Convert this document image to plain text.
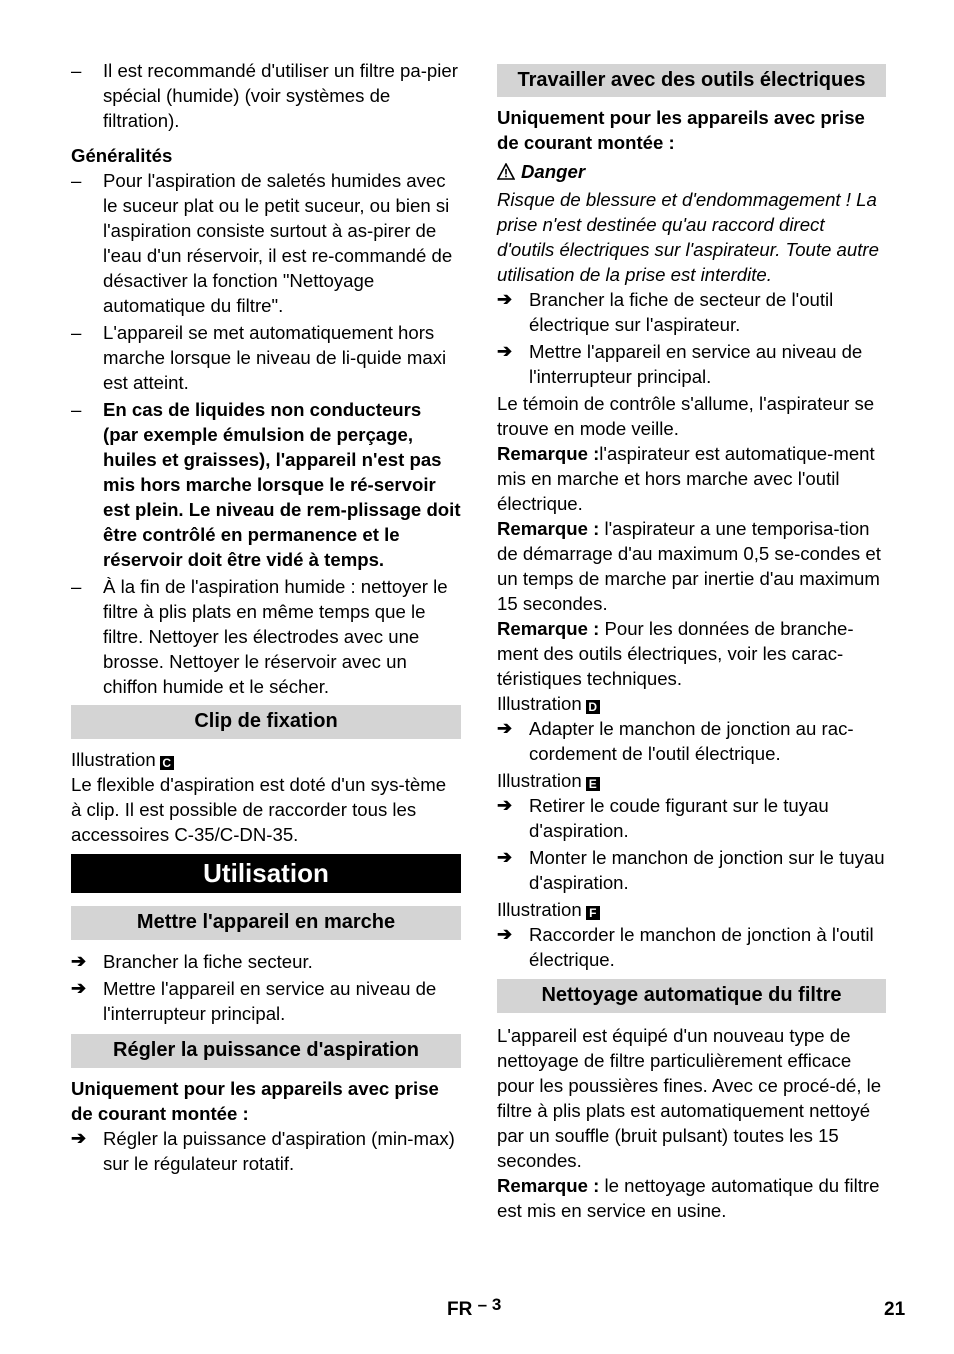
– Il est recommandé d'utiliser un filtre pa-pier spécial (humide) (voir systèmes de filtration).

Généralités

– Pour l'aspiration de saletés humides avec le suceur plat ou le petit suceur, ou bien si l'aspiration consiste surtout à as-pirer de l'eau d'un réservoir, il est re-commandé de désactiver la fonction "Nettoyage automatique du filtre".
– L'appareil se met automatiquement hors marche lorsque le niveau de li-quide maxi est atteint.
– En cas de liquides non conducteurs (par exemple émulsion de perçage, huiles et graisses), l'appareil n'est pas mis hors marche lorsque le ré-servoir est plein. Le niveau de rem-plissage doit être contrôlé en permanence et le réservoir doit être vidé à temps.
– À la fin de l'aspiration humide : nettoyer le filtre à plis plats en même temps que le filtre. Nettoyer les électrodes avec une brosse. Nettoyer le réservoir avec un chiffon humide et le sécher.
Clip de fixation

Illustration C

Le flexible d'aspiration est doté d'un sys-tème à clip. Il est possible de raccorder tous les accessoires C-35/C-DN-35.

Utilisation
Mettre l'appareil en marche
➔ Brancher la fiche secteur.
➔ Mettre l'appareil en service au niveau de l'interrupteur principal.
Régler la puissance d'aspiration

Uniquement pour les appareils avec prise de courant montée :

➔ Régler la puissance d'aspiration (min-max) sur le régulateur rotatif.
Travailler avec des outils électriques

Uniquement pour les appareils avec prise de courant montée :

Danger

Risque de blessure et d'endommagement ! La prise n'est destinée qu'au raccord direct d'outils électriques sur l'aspirateur. Toute autre utilisation de la prise est interdite.

➔ Brancher la fiche de secteur de l'outil électrique sur l'aspirateur.
➔ Mettre l'appareil en service au niveau de l'interrupteur principal.

Le témoin de contrôle s'allume, l'aspirateur se trouve en mode veille.

Remarque :l'aspirateur est automatique-ment mis en marche et hors marche avec l'outil électrique.

Remarque : l'aspirateur a une temporisa-tion de démarrage d'au maximum 0,5 se-condes et un temps de marche par inertie d'au maximum 15 secondes.

Remarque : Pour les données de branche-ment des outils électriques, voir les carac-téristiques techniques.

Illustration D

➔ Adapter le manchon de jonction au rac-cordement de l'outil électrique.

Illustration E

➔ Retirer le coude figurant sur le tuyau d'aspiration.
➔ Monter le manchon de jonction sur le tuyau d'aspiration.

Illustration F

➔ Raccorder le manchon de jonction à l'outil électrique.
Nettoyage automatique du filtre

L'appareil est équipé d'un nouveau type de nettoyage de filtre particulièrement efficace pour les poussières fines. Avec ce procé-dé, le filtre à plis plats est automatiquement nettoyé par un souffle (bruit pulsant) toutes les 15 secondes.

Remarque : le nettoyage automatique du filtre est mis en service en usine.

FR – 3	21
